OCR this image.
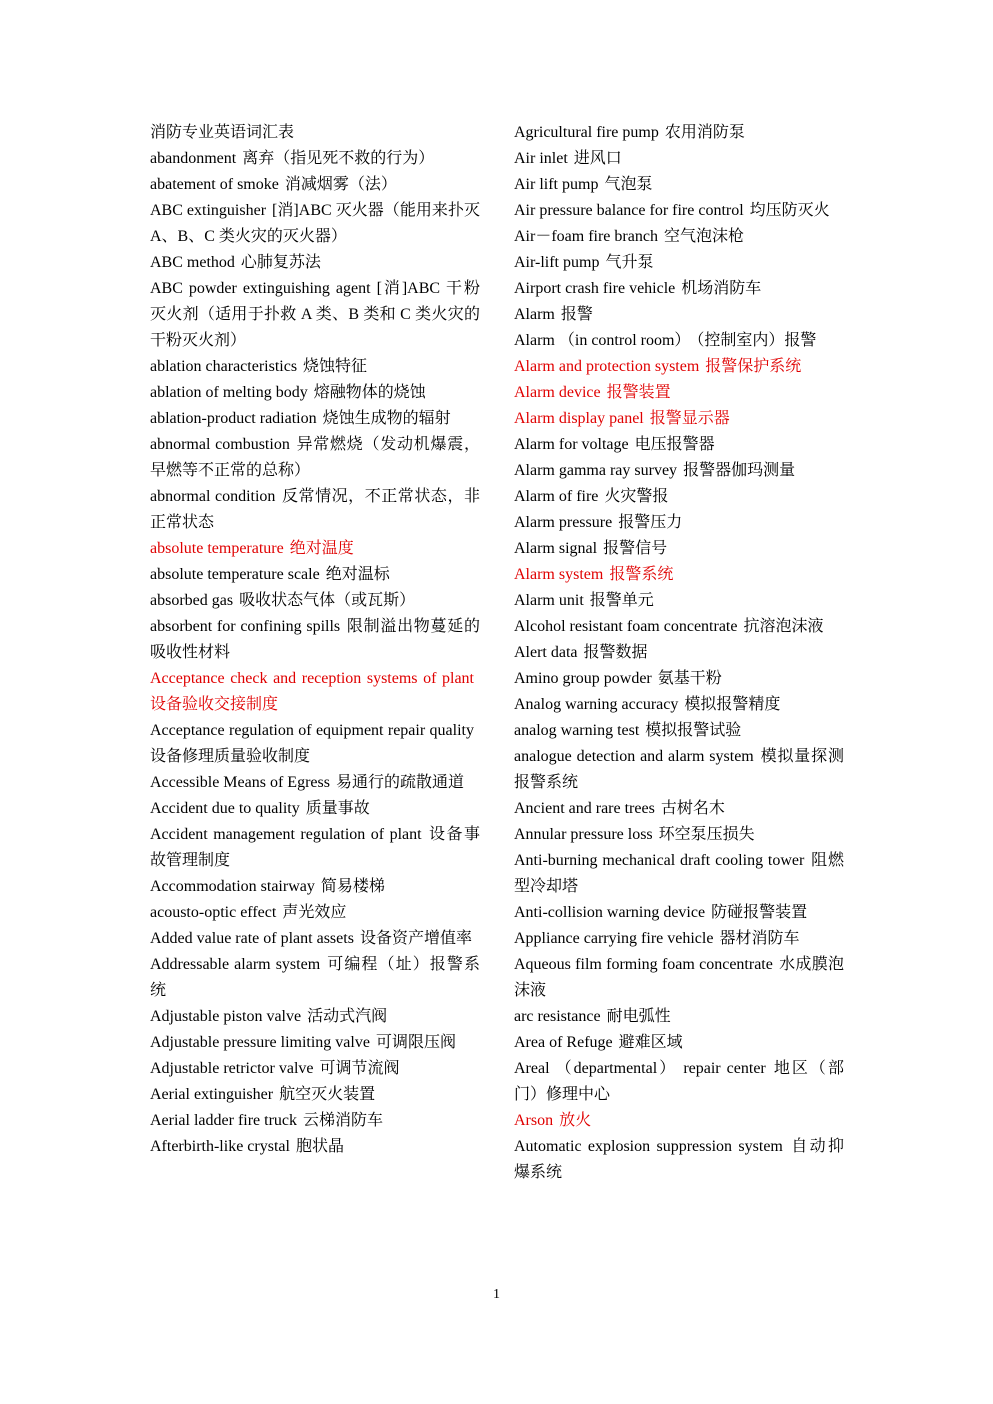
消防专业英语词汇表
abandonment 离弃（指见死不救的行为）
abatement of smoke 消减烟雾（法）
ABC extinguisher [消]ABC 灭火器（能用来扑灭 A、B、C 类火灾的灭火器）
ABC method 心肺复苏法
ABC powder extinguishing agent [消]ABC 干粉灭火剂（适用于扑救 A 类、B 类和 C 类火灾的干粉灭火剂）
ablation characteristics 烧蚀特征
ablation of melting body 熔融物体的烧蚀
ablation-product radiation 烧蚀生成物的辐射
abnormal combustion 异常燃烧（发动机爆震，早燃等不正常的总称）
abnormal condition 反常情况，不正常状态，非正常状态
absolute temperature 绝对温度
absolute temperature scale 绝对温标
absorbed gas 吸收状态气体（或瓦斯）
absorbent for confining spills 限制溢出物蔓延的吸收性材料
Acceptance check and reception systems of plant设备验收交接制度
Acceptance regulation of equipment repair quality设备修理质量验收制度
Accessible Means of Egress 易通行的疏散通道
Accident due to quality 质量事故
Accident management regulation of plant 设备事故管理制度
Accommodation stairway 简易楼梯
acousto-optic effect 声光效应
Added value rate of plant assets 设备资产增值率
Addressable alarm system 可编程（址）报警系统
Adjustable piston valve 活动式汽阀
Adjustable pressure limiting valve 可调限压阀
Adjustable retrictor valve 可调节流阀
Aerial extinguisher 航空灭火装置
Aerial ladder fire truck 云梯消防车
Afterbirth-like crystal 胞状晶
Agricultural fire pump 农用消防泵
Air inlet 进风口
Air lift pump 气泡泵
Air pressure balance for fire control 均压防灭火
Air－foam fire branch 空气泡沫枪
Air-lift pump 气升泵
Airport crash fire vehicle 机场消防车
Alarm 报警
Alarm （in control room） （控制室内）报警
Alarm and protection system 报警保护系统
Alarm device 报警装置
Alarm display panel 报警显示器
Alarm for voltage 电压报警器
Alarm gamma ray survey 报警器伽玛测量
Alarm of fire 火灾警报
Alarm pressure 报警压力
Alarm signal 报警信号
Alarm system 报警系统
Alarm unit 报警单元
Alcohol resistant foam concentrate 抗溶泡沫液
Alert data 报警数据
Amino group powder 氨基干粉
Analog warning accuracy 模拟报警精度
analog warning test 模拟报警试验
analogue detection and alarm system 模拟量探测报警系统
Ancient and rare trees 古树名木
Annular pressure loss 环空泵压损失
Anti-burning mechanical draft cooling tower 阻燃型冷却塔
Anti-collision warning device 防碰报警装置
Appliance carrying fire vehicle 器材消防车
Aqueous film forming foam concentrate 水成膜泡沫液
arc resistance 耐电弧性
Area of Refuge 避难区域
Areal （departmental） repair center 地区（部门）修理中心
Arson 放火
Automatic explosion suppression system 自动抑爆系统
1
